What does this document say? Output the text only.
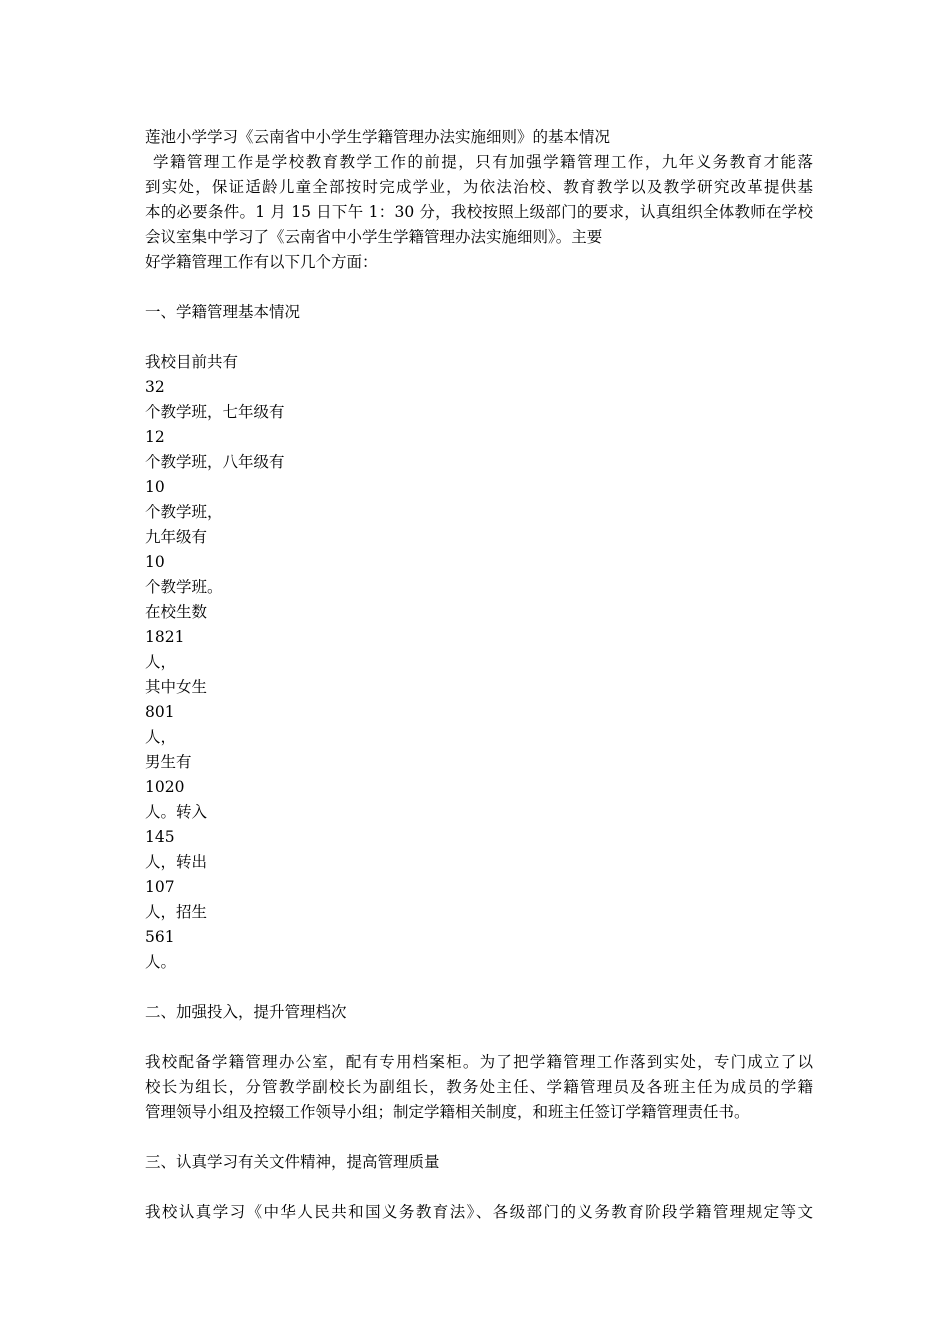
莲池小学学习《云南省中小学生学籍管理办法实施细则》的基本情况
学籍管理工作是学校教育教学工作的前提，只有加强学籍管理工作，九年义务教育才能落
到实处，保证适龄儿童全部按时完成学业，为依法治校、教育教学以及教学研究改革提供基
本的必要条件。1 月 15 日下午 1：30 分，我校按照上级部门的要求，认真组织全体教师在学校
会议室集中学习了《云南省中小学生学籍管理办法实施细则》。主要
好学籍管理工作有以下几个方面：
一、学籍管理基本情况
我校目前共有
32
个教学班，七年级有
12
个教学班，八年级有
10
个教学班，
九年级有
10
个教学班。
在校生数
1821
人，
其中女生
801
人，
男生有
1020
人。转入
145
人，转出
107
人，招生
561
人。
二、加强投入，提升管理档次
我校配备学籍管理办公室，配有专用档案柜。为了把学籍管理工作落到实处，专门成立了以
校长为组长，分管教学副校长为副组长，教务处主任、学籍管理员及各班主任为成员的学籍
管理领导小组及控辍工作领导小组；制定学籍相关制度，和班主任签订学籍管理责任书。
三、认真学习有关文件精神，提高管理质量
我校认真学习《中华人民共和国义务教育法》、各级部门的义务教育阶段学籍管理规定等文
